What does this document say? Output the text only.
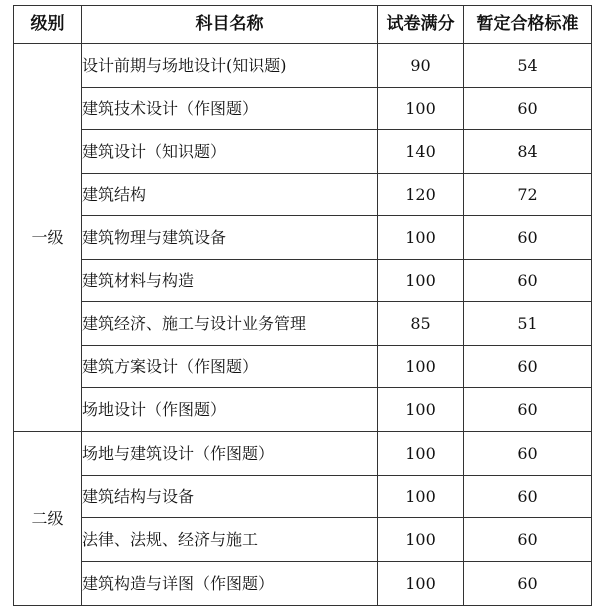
级别	科目名称	试卷满分	暂定合格标准
一级	设计前期与场地设计(知识题)	90	54
	建筑技术设计（作图题）	100	60
	建筑设计（知识题）	140	84
	建筑结构	120	72
	建筑物理与建筑设备	100	60
	建筑材料与构造	100	60
	建筑经济、施工与设计业务管理	85	51
	建筑方案设计（作图题）	100	60
	场地设计（作图题）	100	60
二级	场地与建筑设计（作图题）	100	60
	建筑结构与设备	100	60
	法律、法规、经济与施工	100	60
	建筑构造与详图（作图题）	100	60
